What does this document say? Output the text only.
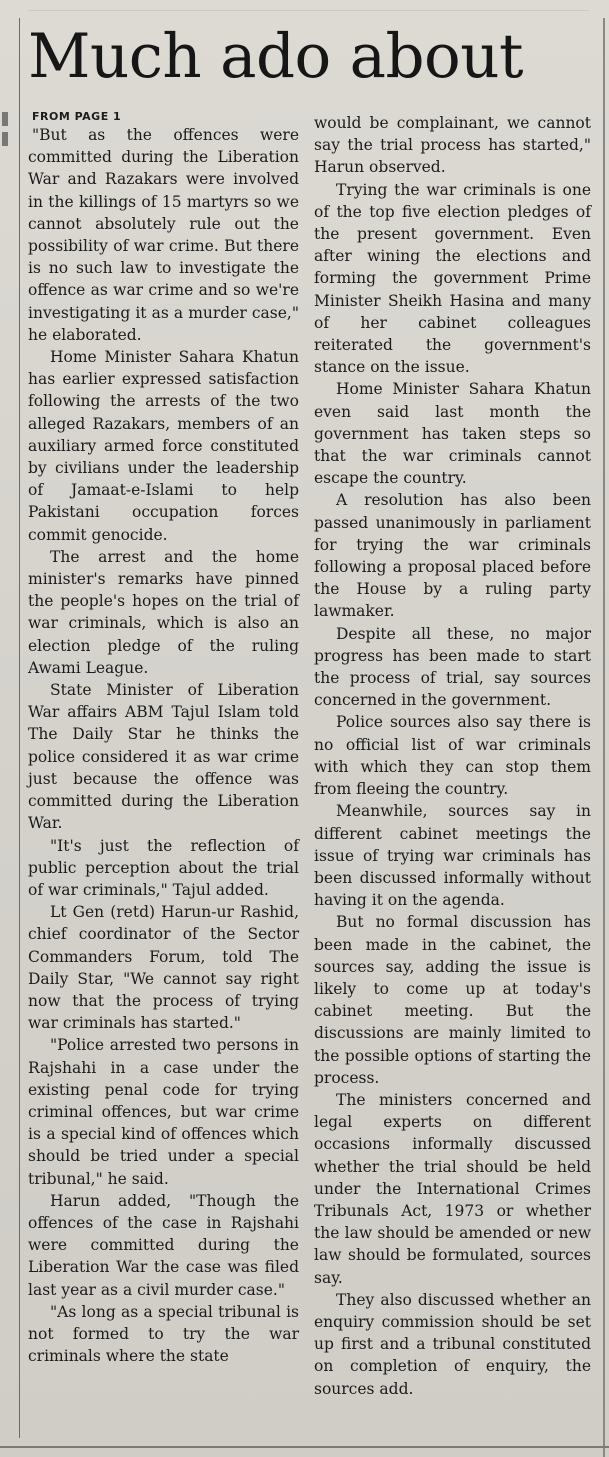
Much ado about
FROM PAGE 1

"But as the offences were committed during the Liberation War and Razakars were involved in the killings of 15 martyrs so we cannot absolutely rule out the possibility of war crime. But there is no such law to investigate the offence as war crime and so we're investigating it as a murder case," he elaborated.

Home Minister Sahara Khatun has earlier expressed satisfaction following the arrests of the two alleged Razakars, members of an auxiliary armed force constituted by civilians under the leadership of Jamaat-e-Islami to help Pakistani occupation forces commit genocide.

The arrest and the home minister's remarks have pinned the people's hopes on the trial of war criminals, which is also an election pledge of the ruling Awami League.

State Minister of Liberation War affairs ABM Tajul Islam told The Daily Star he thinks the police considered it as war crime just because the offence was committed during the Liberation War.

"It's just the reflection of public perception about the trial of war criminals," Tajul added.

Lt Gen (retd) Harun-ur Rashid, chief coordinator of the Sector Commanders Forum, told The Daily Star, "We cannot say right now that the process of trying war criminals has started."

"Police arrested two persons in Rajshahi in a case under the existing penal code for trying criminal offences, but war crime is a special kind of offences which should be tried under a special tribunal," he said.

Harun added, "Though the offences of the case in Rajshahi were committed during the Liberation War the case was filed last year as a civil murder case."

"As long as a special tribunal is not formed to try the war criminals where the state

would be complainant, we cannot say the trial process has started," Harun observed.

Trying the war criminals is one of the top five election pledges of the present government. Even after wining the elections and forming the government Prime Minister Sheikh Hasina and many of her cabinet colleagues reiterated the government's stance on the issue.

Home Minister Sahara Khatun even said last month the government has taken steps so that the war criminals cannot escape the country.

A resolution has also been passed unanimously in parliament for trying the war criminals following a proposal placed before the House by a ruling party lawmaker.

Despite all these, no major progress has been made to start the process of trial, say sources concerned in the government.

Police sources also say there is no official list of war criminals with which they can stop them from fleeing the country.

Meanwhile, sources say in different cabinet meetings the issue of trying war criminals has been discussed informally without having it on the agenda.

But no formal discussion has been made in the cabinet, the sources say, adding the issue is likely to come up at today's cabinet meeting. But the discussions are mainly limited to the possible options of starting the process.

The ministers concerned and legal experts on different occasions informally discussed whether the trial should be held under the International Crimes Tribunals Act, 1973 or whether the law should be amended or new law should be formulated, sources say.

They also discussed whether an enquiry commission should be set up first and a tribunal constituted on completion of enquiry, the sources add.
